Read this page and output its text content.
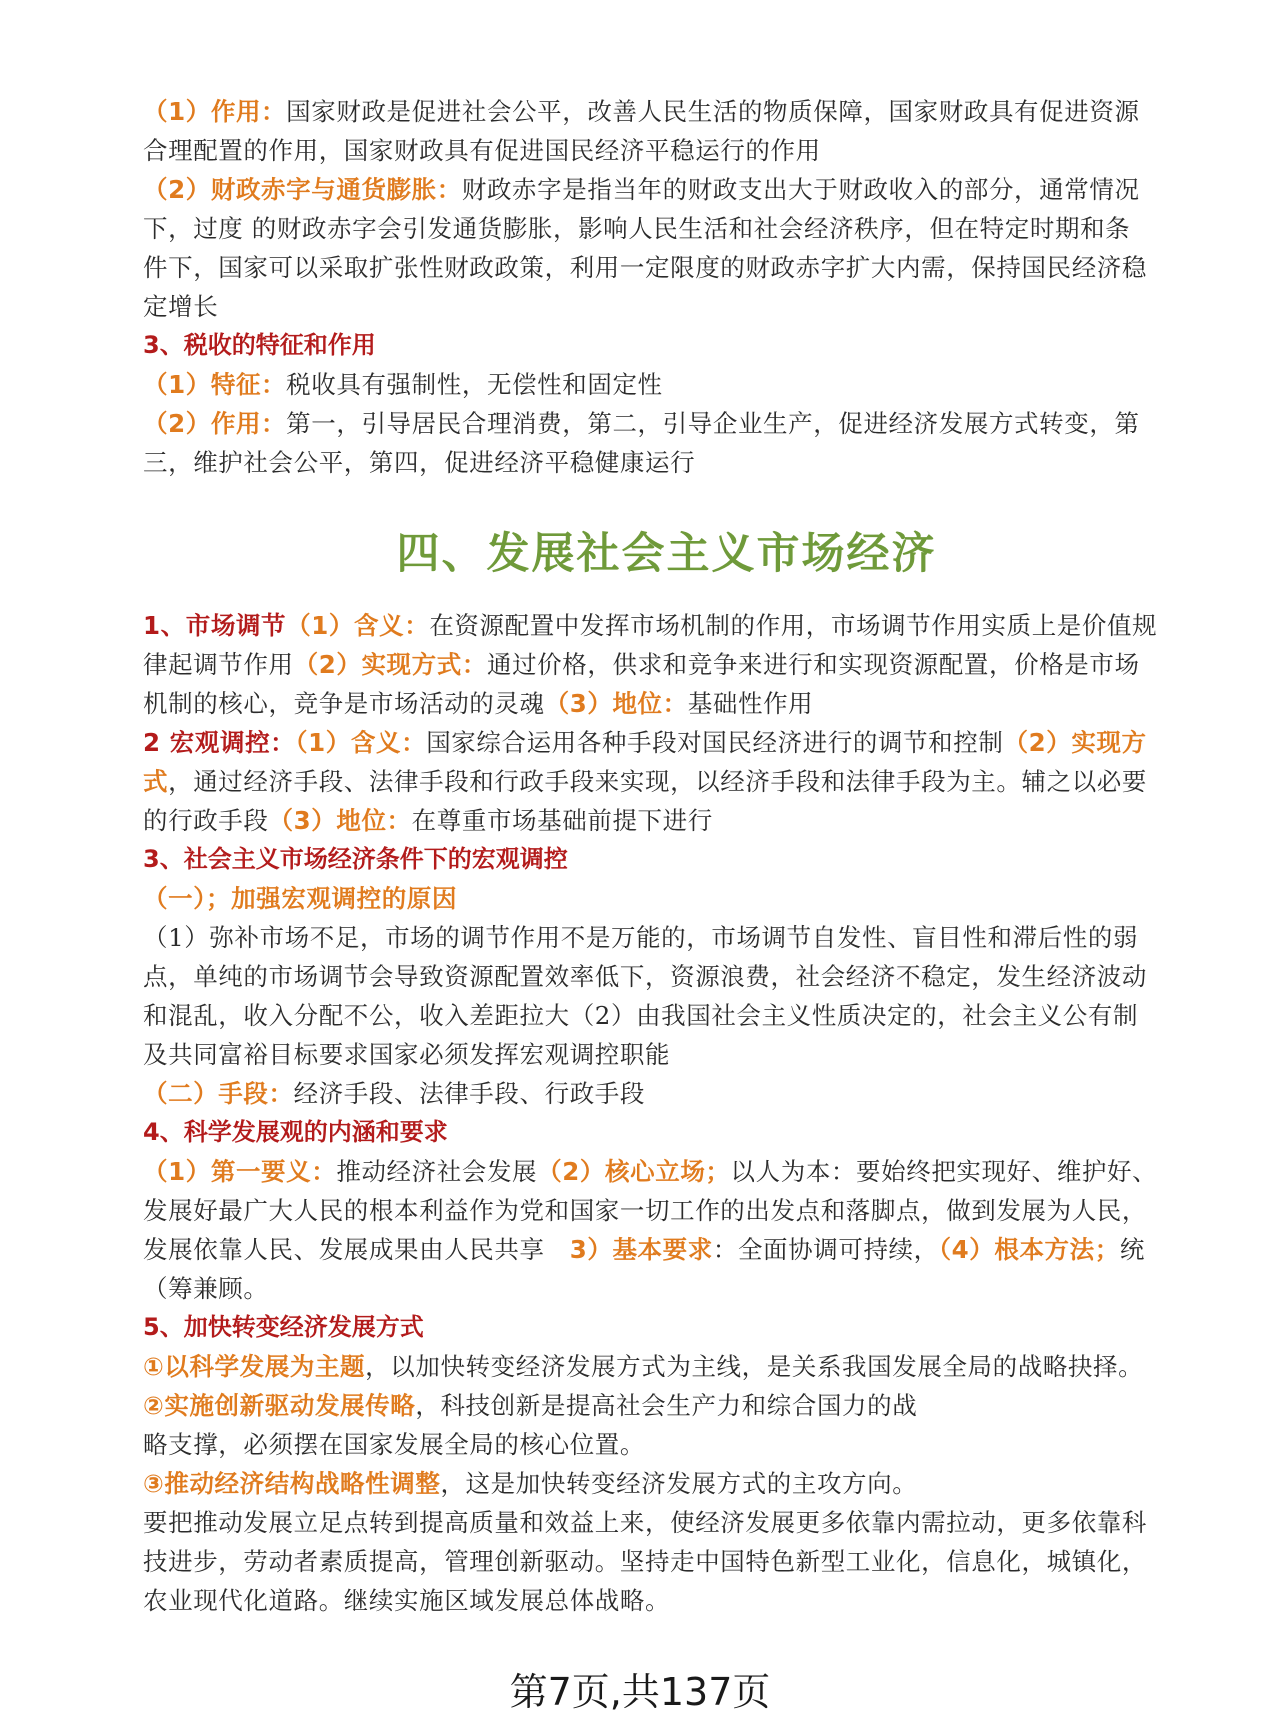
（1）作用：国家财政是促进社会公平，改善人民生活的物质保障，国家财政具有促进资源
合理配置的作用，国家财政具有促进国民经济平稳运行的作用
（2）财政赤字与通货膨胀：财政赤字是指当年的财政支出大于财政收入的部分，通常情况
下，过度 的财政赤字会引发通货膨胀，影响人民生活和社会经济秩序，但在特定时期和条
件下，国家可以采取扩张性财政政策，利用一定限度的财政赤字扩大内需，保持国民经济稳
定增长
3、税收的特征和作用
（1）特征：税收具有强制性，无偿性和固定性
（2）作用：第一，引导居民合理消费，第二，引导企业生产，促进经济发展方式转变，第
三，维护社会公平，第四，促进经济平稳健康运行
四、发展社会主义市场经济
1、市场调节（1）含义：在资源配置中发挥市场机制的作用，市场调节作用实质上是价值规
律起调节作用（2）实现方式：通过价格，供求和竞争来进行和实现资源配置，价格是市场
机制的核心，竞争是市场活动的灵魂（3）地位：基础性作用
2 宏观调控：（1）含义：国家综合运用各种手段对国民经济进行的调节和控制（2）实现方
式，通过经济手段、法律手段和行政手段来实现，以经济手段和法律手段为主。辅之以必要
的行政手段（3）地位：在尊重市场基础前提下进行
3、社会主义市场经济条件下的宏观调控
（一）；加强宏观调控的原因
（1）弥补市场不足，市场的调节作用不是万能的，市场调节自发性、盲目性和滞后性的弱
点，单纯的市场调节会导致资源配置效率低下，资源浪费，社会经济不稳定，发生经济波动
和混乱，收入分配不公，收入差距拉大（2）由我国社会主义性质决定的，社会主义公有制
及共同富裕目标要求国家必须发挥宏观调控职能
（二）手段：经济手段、法律手段、行政手段
4、科学发展观的内涵和要求
（1）第一要义：推动经济社会发展（2）核心立场；以人为本：要始终把实现好、维护好、
发展好最广大人民的根本利益作为党和国家一切工作的出发点和落脚点，做到发展为人民，
发展依靠人民、发展成果由人民共享　3）基本要求：全面协调可持续，（4）根本方法；统
（筹兼顾。
5、加快转变经济发展方式
①以科学发展为主题，以加快转变经济发展方式为主线，是关系我国发展全局的战略抉择。
②实施创新驱动发展传略，科技创新是提高社会生产力和综合国力的战
略支撑，必须摆在国家发展全局的核心位置。
③推动经济结构战略性调整，这是加快转变经济发展方式的主攻方向。
要把推动发展立足点转到提高质量和效益上来，使经济发展更多依靠内需拉动，更多依靠科
技进步，劳动者素质提高，管理创新驱动。坚持走中国特色新型工业化，信息化，城镇化，
农业现代化道路。继续实施区域发展总体战略。
第7页,共137页
